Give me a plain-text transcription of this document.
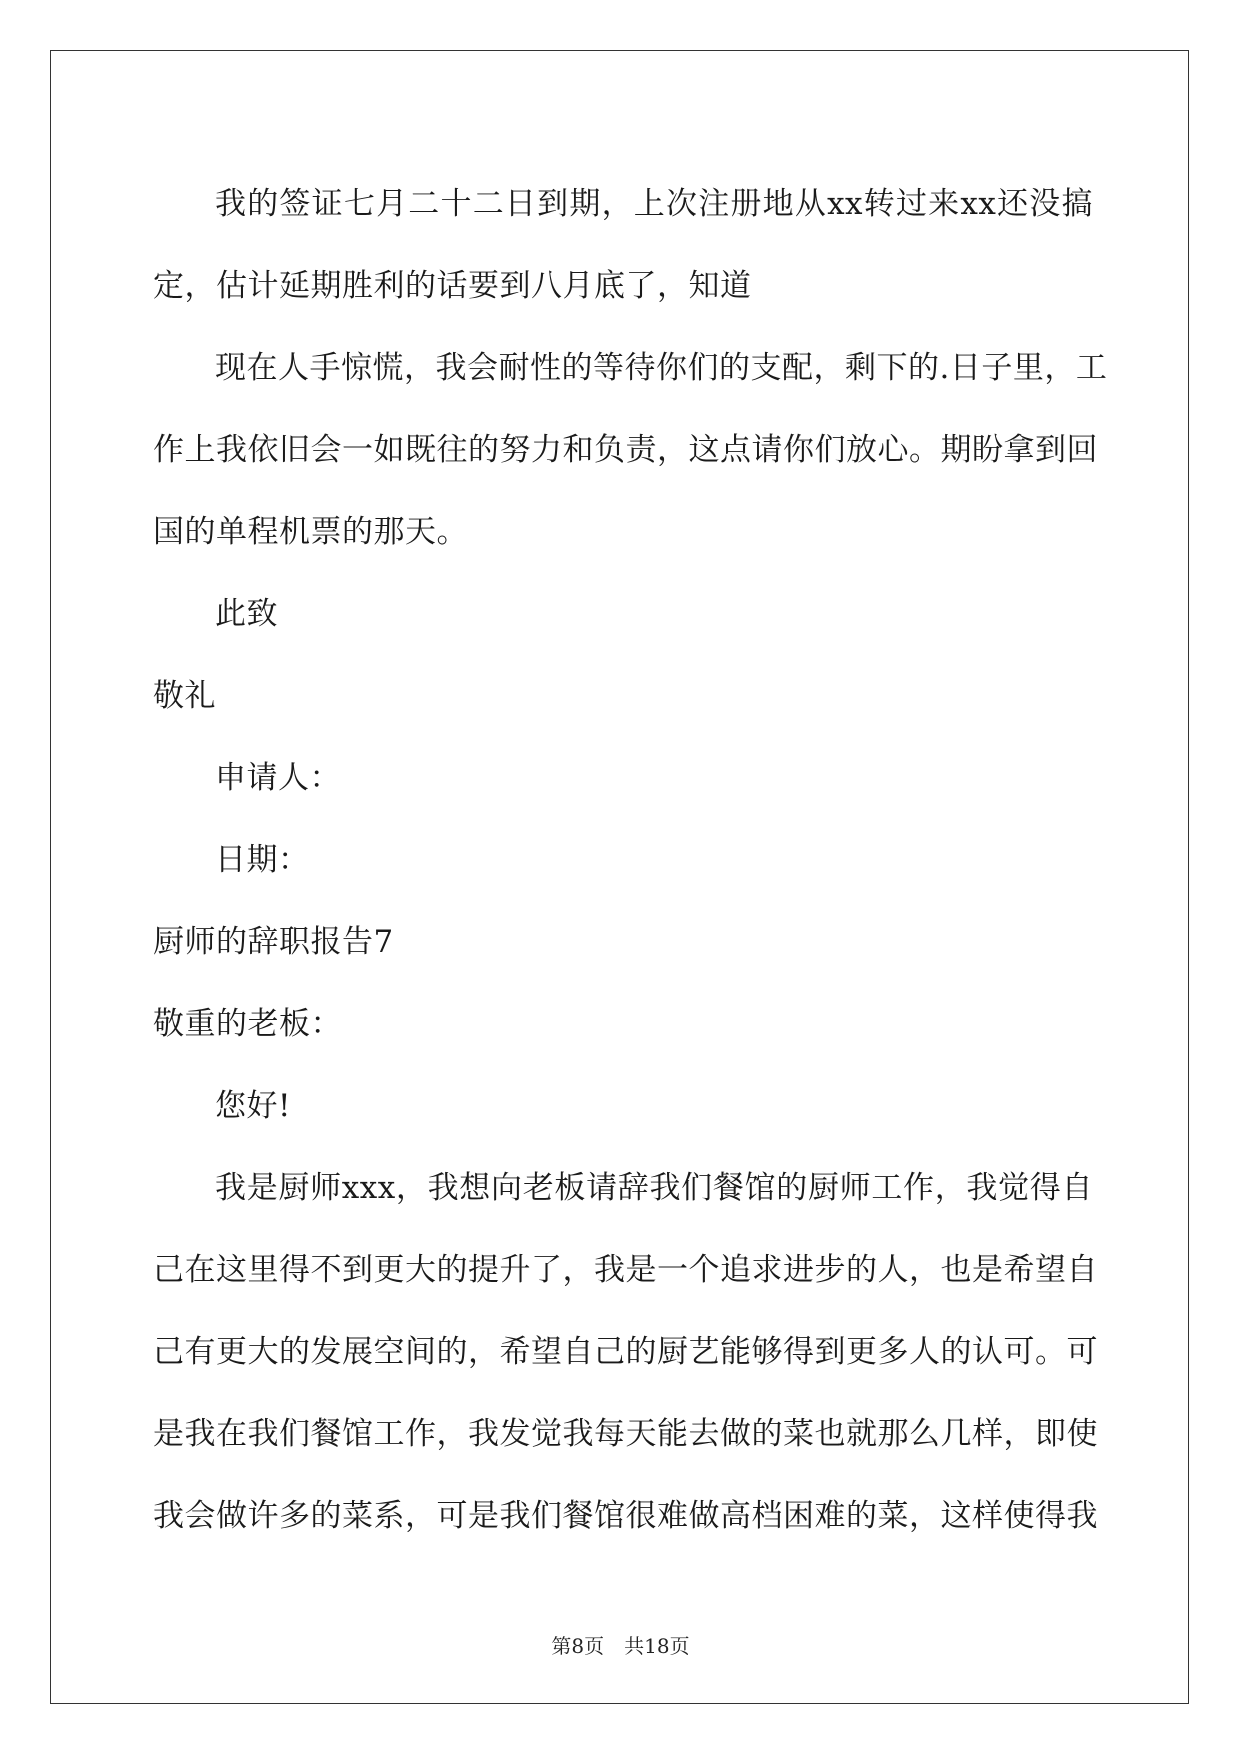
我的签证七月二十二日到期，上次注册地从xx转过来xx还没搞
定，估计延期胜利的话要到八月底了，知道
现在人手惊慌，我会耐性的等待你们的支配，剩下的.日子里，工
作上我依旧会一如既往的努力和负责，这点请你们放心。期盼拿到回
国的单程机票的那天。
此致
敬礼
申请人：
日期：
厨师的辞职报告7
敬重的老板：
您好!
我是厨师xxx，我想向老板请辞我们餐馆的厨师工作，我觉得自
己在这里得不到更大的提升了，我是一个追求进步的人，也是希望自
己有更大的发展空间的，希望自己的厨艺能够得到更多人的认可。可
是我在我们餐馆工作，我发觉我每天能去做的菜也就那么几样，即使
我会做许多的菜系，可是我们餐馆很难做高档困难的菜，这样使得我
第8页 共18页
